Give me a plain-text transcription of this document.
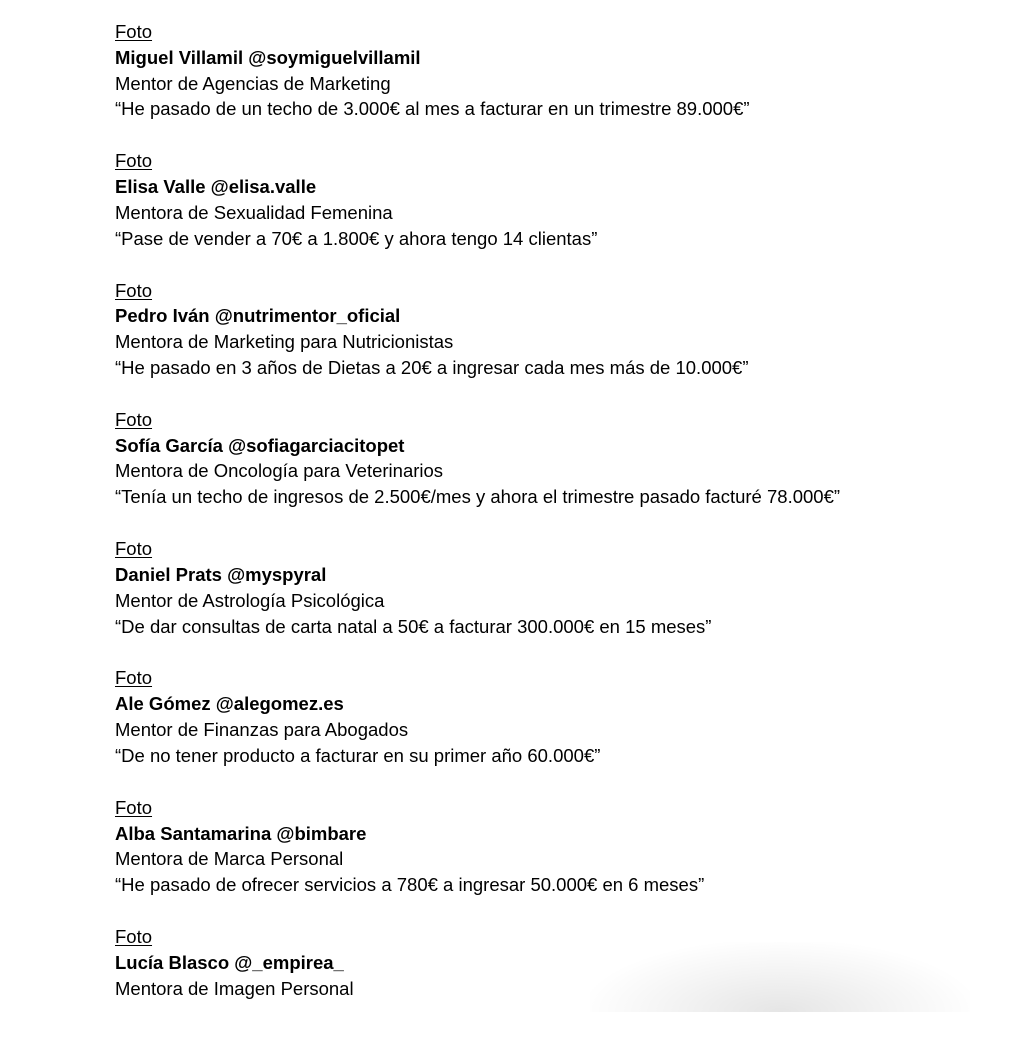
Foto
Miguel Villamil @soymiguelvillamil
Mentor de Agencias de Marketing
“He pasado de un techo de 3.000€ al mes a facturar en un trimestre 89.000€”
Foto
Elisa Valle @elisa.valle
Mentora de Sexualidad Femenina
“Pase de vender a 70€ a 1.800€ y ahora tengo 14 clientas”
Foto
Pedro Iván @nutrimentor_oficial
Mentora de Marketing para Nutricionistas
“He pasado en 3 años de Dietas a 20€ a ingresar cada mes más de 10.000€”
Foto
Sofía García @sofiagarciacitopet
Mentora de Oncología para Veterinarios
“Tenía un techo de ingresos de 2.500€/mes y ahora el trimestre pasado facturé 78.000€”
Foto
Daniel Prats @myspyral
Mentor de Astrología Psicológica
“De dar consultas de carta natal a 50€ a facturar 300.000€ en 15 meses”
Foto
Ale Gómez @alegomez.es
Mentor de Finanzas para Abogados
“De no tener producto a facturar en su primer año 60.000€”
Foto
Alba Santamarina @bimbare
Mentora de Marca Personal
“He pasado de ofrecer servicios a 780€ a ingresar 50.000€ en 6 meses”
Foto
Lucía Blasco @_empirea_
Mentora de Imagen Personal
